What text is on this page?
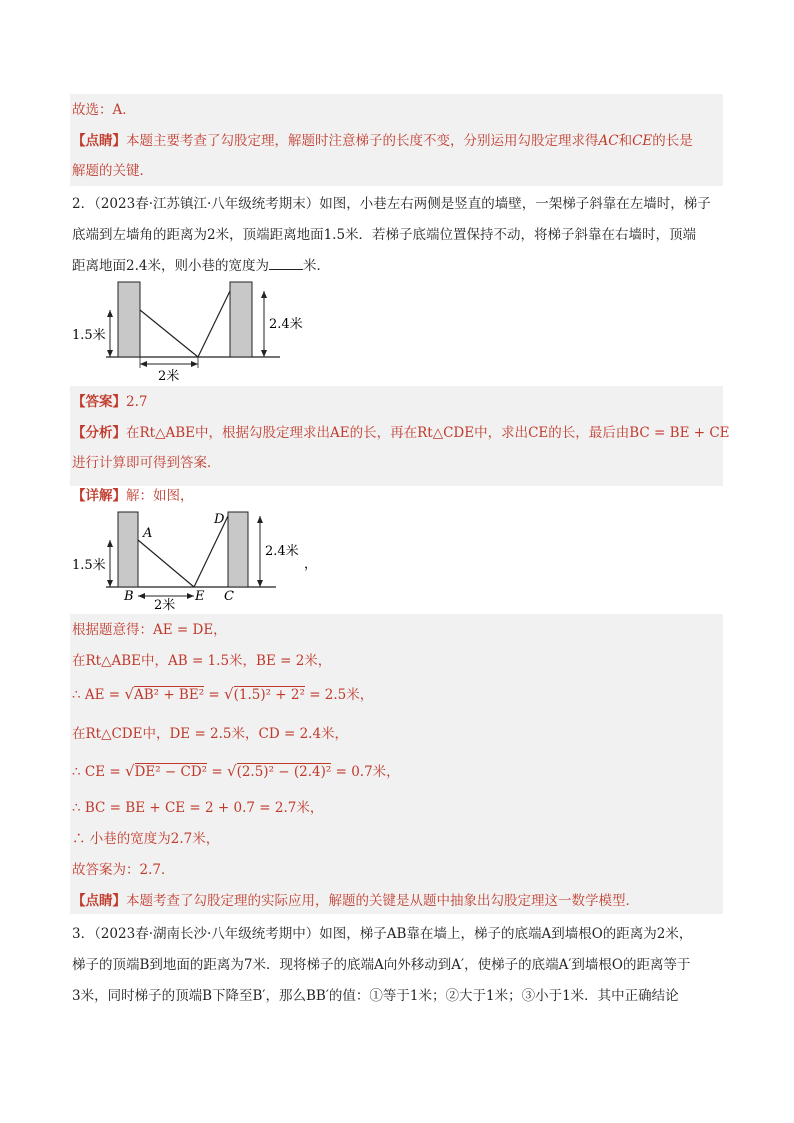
故选：A．
【点睛】本题主要考查了勾股定理，解题时注意梯子的长度不变，分别运用勾股定理求得AC和CE的长是
解题的关键．
2．（2023春·江苏镇江·八年级统考期末）如图，小巷左右两侧是竖直的墙壁，一架梯子斜靠在左墙时，梯子
底端到左墙角的距离为2米，顶端距离地面1.5米．若梯子底端位置保持不动，将梯子斜靠在右墙时，顶端
距离地面2.4米，则小巷的宽度为	米．
1.5米
2.4米
2米
【答案】2.7
【分析】在Rt△ABE中，根据勾股定理求出AE的长，再在Rt△CDE中，求出CE的长，最后由BC = BE + CE
进行计算即可得到答案．
【详解】解：如图，
1.5米
2.4米
2米
A
B	E C
D
，
根据题意得：AE = DE，
在Rt△ABE中，AB = 1.5米，BE = 2米，
∴ AE = √AB² + BE² = √(1.5)² + 2² = 2.5米，
在Rt△CDE中，DE = 2.5米，CD = 2.4米，
∴ CE = √DE² − CD² = √(2.5)² − (2.4)² = 0.7米，
∴ BC = BE + CE = 2 + 0.7 = 2.7米，
∴ 小巷的宽度为2.7米，
故答案为：2.7．
【点睛】本题考查了勾股定理的实际应用，解题的关键是从题中抽象出勾股定理这一数学模型．
3．（2023春·湖南长沙·八年级统考期中）如图，梯子AB靠在墙上，梯子的底端A到墙根O的距离为2米，
梯子的顶端B到地面的距离为7米．现将梯子的底端A向外移动到A′，使梯子的底端A′到墙根O的距离等于
3米，同时梯子的顶端B下降至B′，那么BB′的值：①等于1米；②大于1米；③小于1米．其中正确结论
